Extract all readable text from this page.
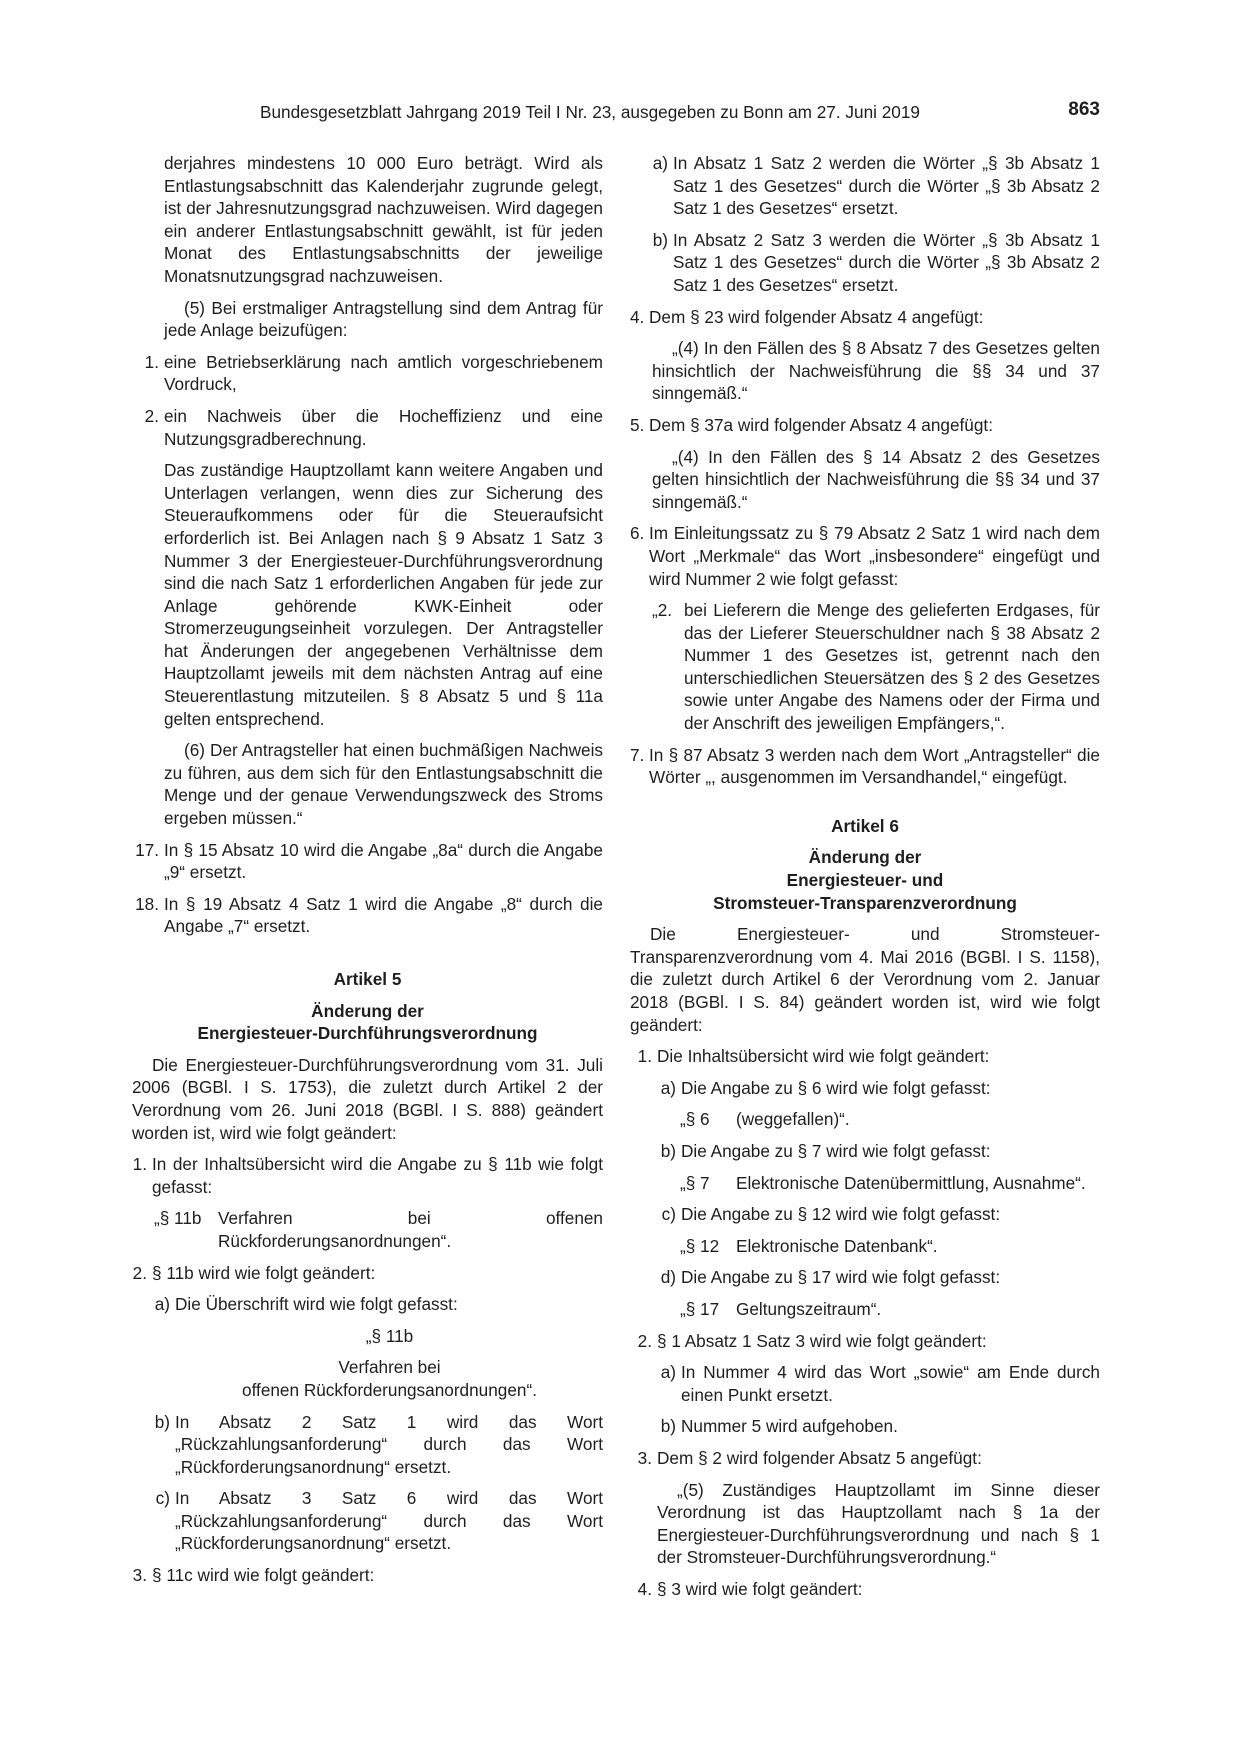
Bundesgesetzblatt Jahrgang 2019 Teil I Nr. 23, ausgegeben zu Bonn am 27. Juni 2019	863

derjahres mindestens 10 000 Euro beträgt. Wird als Entlastungsabschnitt das Kalenderjahr zugrunde gelegt, ist der Jahresnutzungsgrad nachzuweisen. Wird dagegen ein anderer Entlastungsabschnitt gewählt, ist für jeden Monat des Entlastungsabschnitts der jeweilige Monatsnutzungsgrad nachzuweisen.

(5) Bei erstmaliger Antragstellung sind dem Antrag für jede Anlage beizufügen:

1. eine Betriebserklärung nach amtlich vorgeschriebenem Vordruck,
2. ein Nachweis über die Hocheffizienz und eine Nutzungsgradberechnung.

Das zuständige Hauptzollamt kann weitere Angaben und Unterlagen verlangen, wenn dies zur Sicherung des Steueraufkommens oder für die Steueraufsicht erforderlich ist. Bei Anlagen nach § 9 Absatz 1 Satz 3 Nummer 3 der Energiesteuer-Durchführungsverordnung sind die nach Satz 1 erforderlichen Angaben für jede zur Anlage gehörende KWK-Einheit oder Stromerzeugungseinheit vorzulegen. Der Antragsteller hat Änderungen der angegebenen Verhältnisse dem Hauptzollamt jeweils mit dem nächsten Antrag auf eine Steuerentlastung mitzuteilen. § 8 Absatz 5 und § 11a gelten entsprechend.

(6) Der Antragsteller hat einen buchmäßigen Nachweis zu führen, aus dem sich für den Entlastungsabschnitt die Menge und der genaue Verwendungszweck des Stroms ergeben müssen.“

17. In § 15 Absatz 10 wird die Angabe „8a“ durch die Angabe „9“ ersetzt.
18. In § 19 Absatz 4 Satz 1 wird die Angabe „8“ durch die Angabe „7“ ersetzt.

Artikel 5

Änderung der

Energiesteuer-Durchführungsverordnung

Die Energiesteuer-Durchführungsverordnung vom 31. Juli 2006 (BGBl. I S. 1753), die zuletzt durch Artikel 2 der Verordnung vom 26. Juni 2018 (BGBl. I S. 888) geändert worden ist, wird wie folgt geändert:

1. In der Inhaltsübersicht wird die Angabe zu § 11b wie folgt gefasst:
„§ 11b Verfahren bei offenen Rückforderungsanordnungen“.
2. § 11b wird wie folgt geändert:
a) Die Überschrift wird wie folgt gefasst:

„§ 11b

Verfahren bei

offenen Rückforderungsanordnungen“.

b) In Absatz 2 Satz 1 wird das Wort „Rückzahlungsanforderung“ durch das Wort „Rückforderungsanordnung“ ersetzt.
c) In Absatz 3 Satz 6 wird das Wort „Rückzahlungsanforderung“ durch das Wort „Rückforderungsanordnung“ ersetzt.
3. § 11c wird wie folgt geändert:
a) In Absatz 1 Satz 2 werden die Wörter „§ 3b Absatz 1 Satz 1 des Gesetzes“ durch die Wörter „§ 3b Absatz 2 Satz 1 des Gesetzes“ ersetzt.
b) In Absatz 2 Satz 3 werden die Wörter „§ 3b Absatz 1 Satz 1 des Gesetzes“ durch die Wörter „§ 3b Absatz 2 Satz 1 des Gesetzes“ ersetzt.
4. Dem § 23 wird folgender Absatz 4 angefügt:

„(4) In den Fällen des § 8 Absatz 7 des Gesetzes gelten hinsichtlich der Nachweisführung die §§ 34 und 37 sinngemäß.“

5. Dem § 37a wird folgender Absatz 4 angefügt:

„(4) In den Fällen des § 14 Absatz 2 des Gesetzes gelten hinsichtlich der Nachweisführung die §§ 34 und 37 sinngemäß.“

6. Im Einleitungssatz zu § 79 Absatz 2 Satz 1 wird nach dem Wort „Merkmale“ das Wort „insbesondere“ eingefügt und wird Nummer 2 wie folgt gefasst:
„2. bei Lieferern die Menge des gelieferten Erdgases, für das der Lieferer Steuerschuldner nach § 38 Absatz 2 Nummer 1 des Gesetzes ist, getrennt nach den unterschiedlichen Steuersätzen des § 2 des Gesetzes sowie unter Angabe des Namens oder der Firma und der Anschrift des jeweiligen Empfängers,“.
7. In § 87 Absatz 3 werden nach dem Wort „Antragsteller“ die Wörter „, ausgenommen im Versandhandel,“ eingefügt.

Artikel 6

Änderung der

Energiesteuer- und

Stromsteuer-Transparenzverordnung

Die Energiesteuer- und Stromsteuer-Transparenzverordnung vom 4. Mai 2016 (BGBl. I S. 1158), die zuletzt durch Artikel 6 der Verordnung vom 2. Januar 2018 (BGBl. I S. 84) geändert worden ist, wird wie folgt geändert:

1. Die Inhaltsübersicht wird wie folgt geändert:
a) Die Angabe zu § 6 wird wie folgt gefasst:
„§ 6	(weggefallen)“.
b) Die Angabe zu § 7 wird wie folgt gefasst:
„§ 7	Elektronische Datenübermittlung, Ausnahme“.
c) Die Angabe zu § 12 wird wie folgt gefasst:
„§ 12 Elektronische Datenbank“.
d) Die Angabe zu § 17 wird wie folgt gefasst:
„§ 17 Geltungszeitraum“.
2. § 1 Absatz 1 Satz 3 wird wie folgt geändert:
a) In Nummer 4 wird das Wort „sowie“ am Ende durch einen Punkt ersetzt.
b) Nummer 5 wird aufgehoben.
3. Dem § 2 wird folgender Absatz 5 angefügt:

„(5) Zuständiges Hauptzollamt im Sinne dieser Verordnung ist das Hauptzollamt nach § 1a der Energiesteuer-Durchführungsverordnung und nach § 1 der Stromsteuer-Durchführungsverordnung.“

4. § 3 wird wie folgt geändert:
